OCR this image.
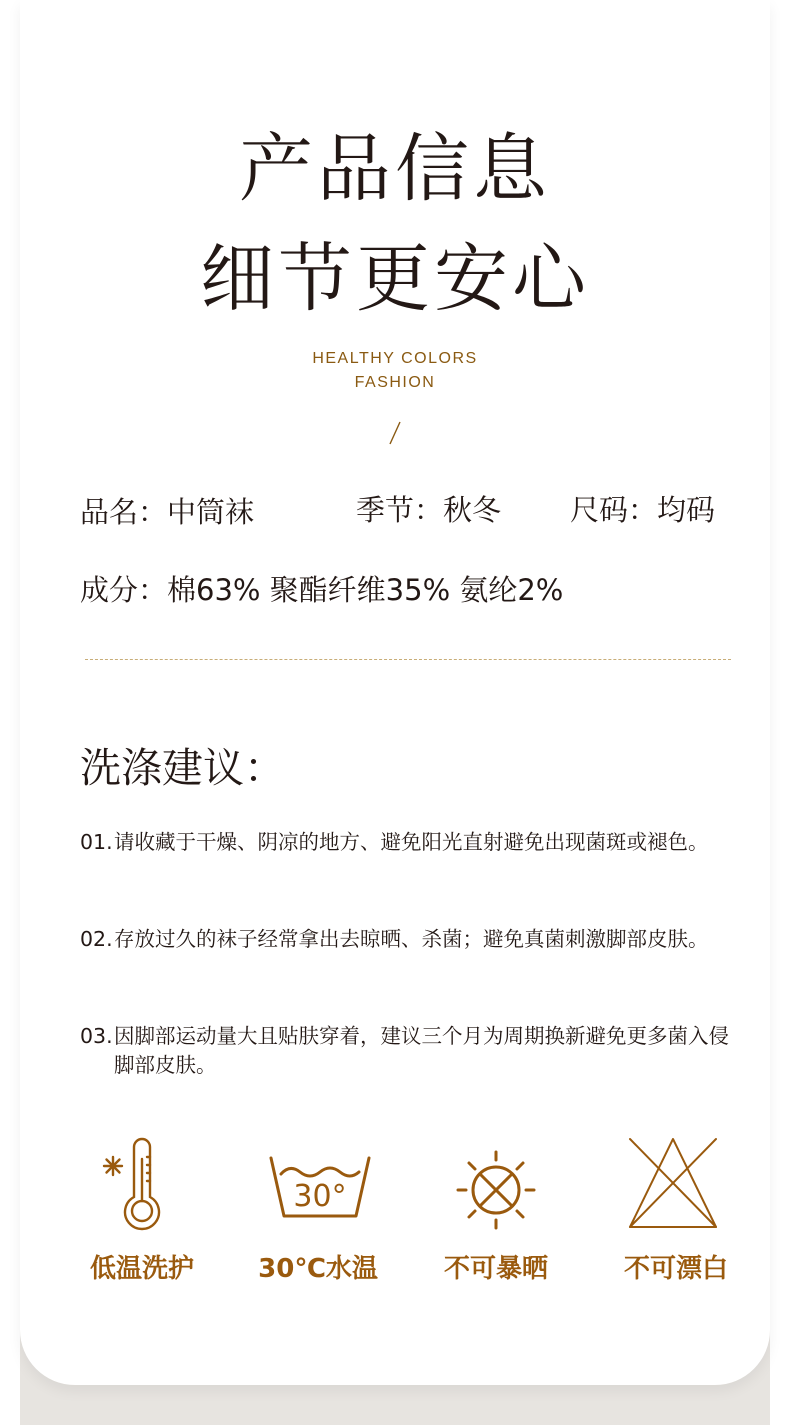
产品信息
细节更安心
HEALTHY COLORS
FASHION
品名：中筒袜	季节：秋冬 尺码：均码
成分：棉63% 聚酯纤维35% 氨纶2%
洗涤建议：
01. 请收藏于干燥、阴凉的地方、避免阳光直射避免出现菌斑或褪色。
02. 存放过久的袜子经常拿出去晾晒、杀菌；避免真菌刺激脚部皮肤。
03. 因脚部运动量大且贴肤穿着，建议三个月为周期换新避免更多菌入侵脚部皮肤。
30°
低温洗护	30℃水温	不可暴晒	不可漂白
